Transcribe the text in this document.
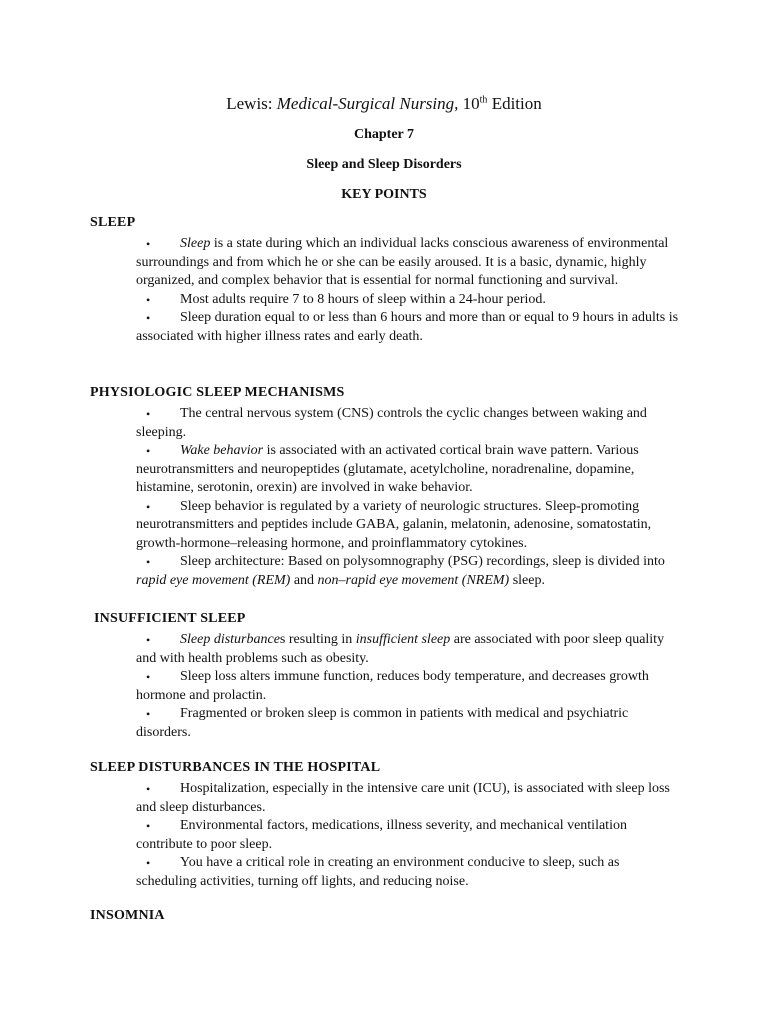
Lewis: Medical-Surgical Nursing, 10th Edition
Chapter 7
Sleep and Sleep Disorders
KEY POINTS
SLEEP
• Sleep is a state during which an individual lacks conscious awareness of environmental surroundings and from which he or she can be easily aroused. It is a basic, dynamic, highly organized, and complex behavior that is essential for normal functioning and survival.
• Most adults require 7 to 8 hours of sleep within a 24-hour period.
• Sleep duration equal to or less than 6 hours and more than or equal to 9 hours in adults is associated with higher illness rates and early death.
PHYSIOLOGIC SLEEP MECHANISMS
• The central nervous system (CNS) controls the cyclic changes between waking and sleeping.
• Wake behavior is associated with an activated cortical brain wave pattern. Various neurotransmitters and neuropeptides (glutamate, acetylcholine, noradrenaline, dopamine, histamine, serotonin, orexin) are involved in wake behavior.
• Sleep behavior is regulated by a variety of neurologic structures. Sleep-promoting neurotransmitters and peptides include GABA, galanin, melatonin, adenosine, somatostatin, growth-hormone–releasing hormone, and proinflammatory cytokines.
• Sleep architecture: Based on polysomnography (PSG) recordings, sleep is divided into rapid eye movement (REM) and non–rapid eye movement (NREM) sleep.
INSUFFICIENT SLEEP
• Sleep disturbances resulting in insufficient sleep are associated with poor sleep quality and with health problems such as obesity.
• Sleep loss alters immune function, reduces body temperature, and decreases growth hormone and prolactin.
• Fragmented or broken sleep is common in patients with medical and psychiatric disorders.
SLEEP DISTURBANCES IN THE HOSPITAL
• Hospitalization, especially in the intensive care unit (ICU), is associated with sleep loss and sleep disturbances.
• Environmental factors, medications, illness severity, and mechanical ventilation contribute to poor sleep.
• You have a critical role in creating an environment conducive to sleep, such as scheduling activities, turning off lights, and reducing noise.
INSOMNIA
